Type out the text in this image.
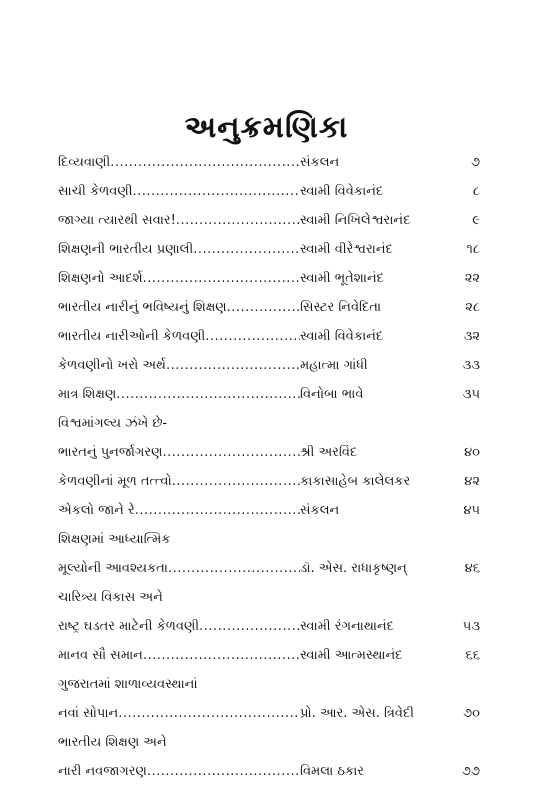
અનુક્રમણિકા
દિવ્યવાણી .....	સંકલન	૭
સાચી કેળવણી .....	સ્વામી વિવેકાનંદ	૮
જાગ્યા ત્યારથી સવાર! .....	સ્વામી નિખિલેશ્વરાનંદ	૯
શિક્ષણની ભારતીય પ્રણાલી .....	સ્વામી વીરેશ્વરાનંદ	૧૮
શિક્ષણનો આદર્શ .....	સ્વામી ભૂતેશાનંદ	૨૨
ભારતીય નારીનું ભવિષ્યનું શિક્ષણ .....	સિસ્ટર નિવેદિતા	૨૮
ભારતીય નારીઓની કેળવણી .....	સ્વામી વિવેકાનંદ	૩૨
કેળવણીનો ખરો અર્થ .....	મહાત્મા ગાંધી	૩૩
માત્ર શિક્ષણ .....	વિનોબા ભાવે	૩૫
વિશ્વમાંગલ્ય ઝંખે છે-
ભારતનું પુનર્જાગરણ .....	શ્રી અરવિંદ	૪૦
કેળવણીનાં મૂળ તત્ત્વો .....	કાકાસાહેબ કાલેલકર	૪૨
એકલો જાને રે .....	સંકલન	૪૫
શિક્ષણમાં આધ્યાત્મિક
મૂલ્યોની આવશ્યકતા .....	ડૉ. એસ. રાધાકૃષ્ણન્	૪૬
ચારિત્ર્ય વિકાસ અને
રાષ્ટ્ર ઘડતર માટેની કેળવણી .....	સ્વામી રંગનાથાનંદ	૫૩
માનવ સૌ સમાન .....	સ્વામી આત્મસ્થાનંદ	૬૬
ગુજરાતમાં શાળાવ્યવસ્થાનાં
નવાં સોપાન .....	પ્રો. આર. એસ. ત્રિવેદી	૭૦
ભારતીય શિક્ષણ અને
નારી નવજાગરણ .....	વિમલા ઠકાર	૭૭
